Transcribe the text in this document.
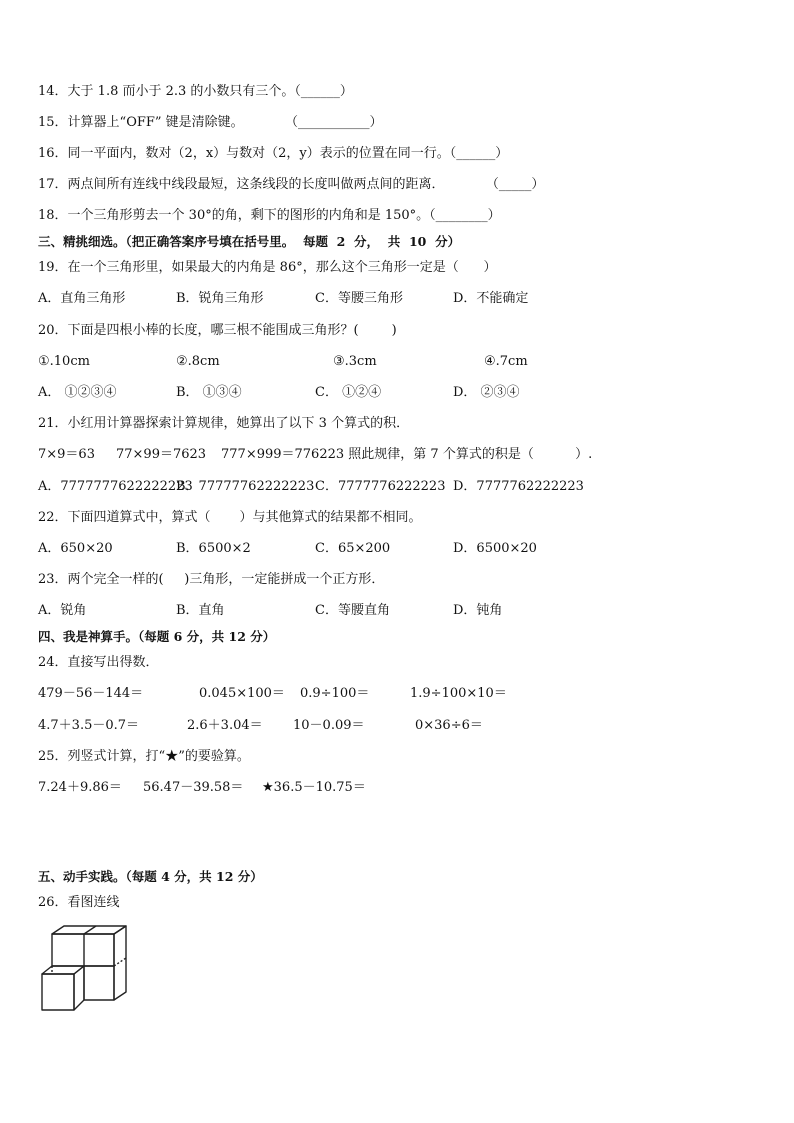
14．大于 1.8 而小于 2.3 的小数只有三个。（______）
15．计算器上“OFF” 键是清除键。          （___________）
16．同一平面内，数对（2，x）与数对（2，y）表示的位置在同一行。（______）
17．两点间所有连线中线段最短，这条线段的长度叫做两点间的距离．          （_____）
18．一个三角形剪去一个 30°的角，剩下的图形的内角和是 150°。（________）
三、精挑细选。（把正确答案序号填在括号里。  每题  2  分，  共  10  分）
19．在一个三角形里，如果最大的内角是 86°，那么这个三角形一定是（      ）
A．直角三角形	B．锐角三角形	C．等腰三角形	D．不能确定
20．下面是四根小棒的长度，哪三根不能围成三角形？(        )
①.10cm	②.8cm	③.3cm	④.7cm
A． ①②③④	B． ①③④	C． ①②④	D． ②③④
21．小红用计算器探索计算规律，她算出了以下 3 个算式的积．
7×9＝63 77×99＝7623 777×999＝776223 照此规律，第 7 个算式的积是（          ）.
A．7777777622222223
B．77777762222223 C．7777776222223 D．7777762222223
22．下面四道算式中，算式（       ）与其他算式的结果都不相同。
A．650×20	B．6500×2	C．65×200	D．6500×20
23．两个完全一样的(     )三角形，一定能拼成一个正方形．
A．锐角	B．直角	C．等腰直角	D．钝角
四、我是神算手。（每题 6 分，共 12 分）
24．直接写出得数．
479－56－144＝	0.045×100＝ 0.9÷100＝	1.9÷100×10＝
4.7＋3.5－0.7＝	2.6＋3.04＝ 10－0.09＝	0×36÷6＝
25．列竖式计算，打“★”的要验算。
7.24＋9.86＝ 56.47－39.58＝ ★36.5－10.75＝
五、动手实践。（每题 4 分，共 12 分）
26．看图连线
